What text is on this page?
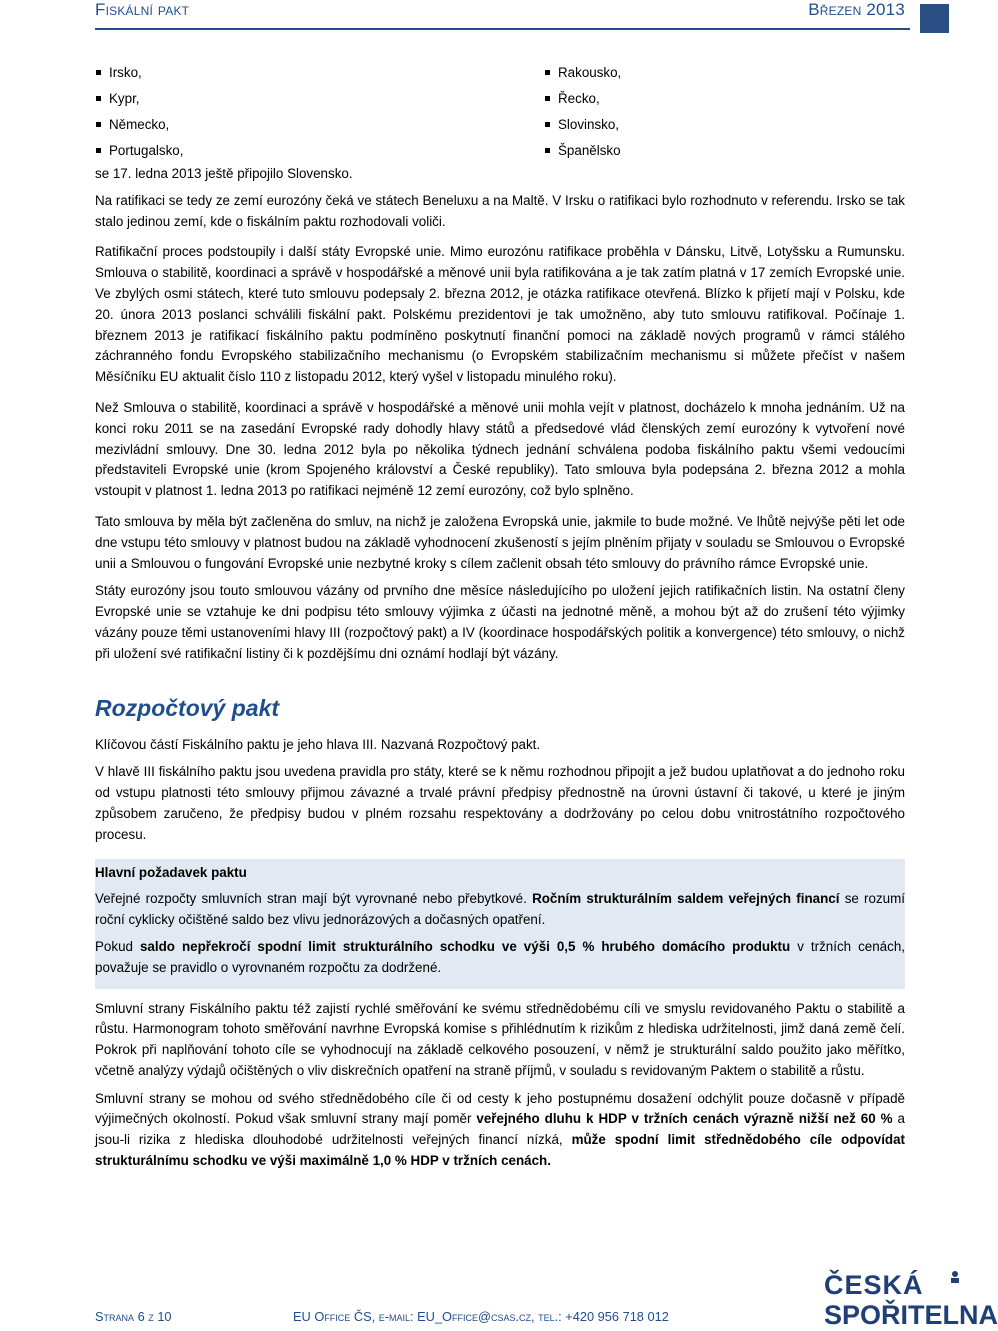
Fiskální pakt	Březen 2013
Irsko,
Kypr,
Německo,
Portugalsko,
Rakousko,
Řecko,
Slovinsko,
Španělsko

se 17. ledna 2013 ještě připojilo Slovensko.

Na ratifikaci se tedy ze zemí eurozóny čeká ve státech Beneluxu a na Maltě. V Irsku o ratifikaci bylo rozhodnuto v referendu. Irsko se tak stalo jedinou zemí, kde o fiskálním paktu rozhodovali voliči.

Ratifikační proces podstoupily i další státy Evropské unie. Mimo eurozónu ratifikace proběhla v Dánsku, Litvě, Lotyšsku a Rumunsku. Smlouva o stabilitě, koordinaci a správě v hospodářské a měnové unii byla ratifikována a je tak zatím platná v 17 zemích Evropské unie. Ve zbylých osmi státech, které tuto smlouvu podepsaly 2. března 2012, je otázka ratifikace otevřená. Blízko k přijetí mají v Polsku, kde 20. února 2013 poslanci schválili fiskální pakt. Polskému prezidentovi je tak umožněno, aby tuto smlouvu ratifikoval. Počínaje 1. březnem 2013 je ratifikací fiskálního paktu podmíněno poskytnutí finanční pomoci na základě nových programů v rámci stálého záchranného fondu Evropského stabilizačního mechanismu (o Evropském stabilizačním mechanismu si můžete přečíst v našem Měsíčníku EU aktualit číslo 110 z listopadu 2012, který vyšel v listopadu minulého roku).

Než Smlouva o stabilitě, koordinaci a správě v hospodářské a měnové unii mohla vejít v platnost, docházelo k mnoha jednáním. Už na konci roku 2011 se na zasedání Evropské rady dohodly hlavy států a předsedové vlád členských zemí eurozóny k vytvoření nové mezivládní smlouvy. Dne 30. ledna 2012 byla po několika týdnech jednání schválena podoba fiskálního paktu všemi vedoucími představiteli Evropské unie (krom Spojeného království a České republiky). Tato smlouva byla podepsána 2. března 2012 a mohla vstoupit v platnost 1. ledna 2013 po ratifikaci nejméně 12 zemí eurozóny, což bylo splněno.

Tato smlouva by měla být začleněna do smluv, na nichž je založena Evropská unie, jakmile to bude možné. Ve lhůtě nejvýše pěti let ode dne vstupu této smlouvy v platnost budou na základě vyhodnocení zkušeností s jejím plněním přijaty v souladu se Smlouvou o Evropské unii a Smlouvou o fungování Evropské unie nezbytné kroky s cílem začlenit obsah této smlouvy do právního rámce Evropské unie.

Státy eurozóny jsou touto smlouvou vázány od prvního dne měsíce následujícího po uložení jejich ratifikačních listin. Na ostatní členy Evropské unie se vztahuje ke dni podpisu této smlouvy výjimka z účasti na jednotné měně, a mohou být až do zrušení této výjimky vázány pouze těmi ustanoveními hlavy III (rozpočtový pakt) a IV (koordinace hospodářských politik a konvergence) této smlouvy, o nichž při uložení své ratifikační listiny či k pozdějšímu dni oznámí hodlají být vázány.

Rozpočtový pakt

Klíčovou částí Fiskálního paktu je jeho hlava III. Nazvaná Rozpočtový pakt.

V hlavě III fiskálního paktu jsou uvedena pravidla pro státy, které se k němu rozhodnou připojit a jež budou uplatňovat a do jednoho roku od vstupu platnosti této smlouvy přijmou závazné a trvalé právní předpisy přednostně na úrovni ústavní či takové, u které je jiným způsobem zaručeno, že předpisy budou v plném rozsahu respektovány a dodržovány po celou dobu vnitrostátního rozpočtového procesu.

Hlavní požadavek paktu

Veřejné rozpočty smluvních stran mají být vyrovnané nebo přebytkové. Ročním strukturálním saldem veřejných financí se rozumí roční cyklicky očištěné saldo bez vlivu jednorázových a dočasných opatření.

Pokud saldo nepřekročí spodní limit strukturálního schodku ve výši 0,5 % hrubého domácího produktu v tržních cenách, považuje se pravidlo o vyrovnaném rozpočtu za dodržené.

Smluvní strany Fiskálního paktu též zajistí rychlé směřování ke svému střednědobému cíli ve smyslu revidovaného Paktu o stabilitě a růstu. Harmonogram tohoto směřování navrhne Evropská komise s přihlédnutím k rizikům z hlediska udržitelnosti, jimž daná země čelí. Pokrok při naplňování tohoto cíle se vyhodnocují na základě celkového posouzení, v němž je strukturální saldo použito jako měřítko, včetně analýzy výdajů očištěných o vliv diskrečních opatření na straně příjmů, v souladu s revidovaným Paktem o stabilitě a růstu.

Smluvní strany se mohou od svého střednědobého cíle či od cesty k jeho postupnému dosažení odchýlit pouze dočasně v případě výjimečných okolností. Pokud však smluvní strany mají poměr veřejného dluhu k HDP v tržních cenách výrazně nižší než 60 % a jsou-li rizika z hlediska dlouhodobé udržitelnosti veřejných financí nízká, může spodní limit střednědobého cíle odpovídat strukturálnímu schodku ve výši maximálně 1,0 % HDP v tržních cenách.

Strana 6 z 10	EU Office ČS, e-mail: EU_Office@csas.cz, tel.: +420 956 718 012
ČESKÁ
SPOŘITELNA
